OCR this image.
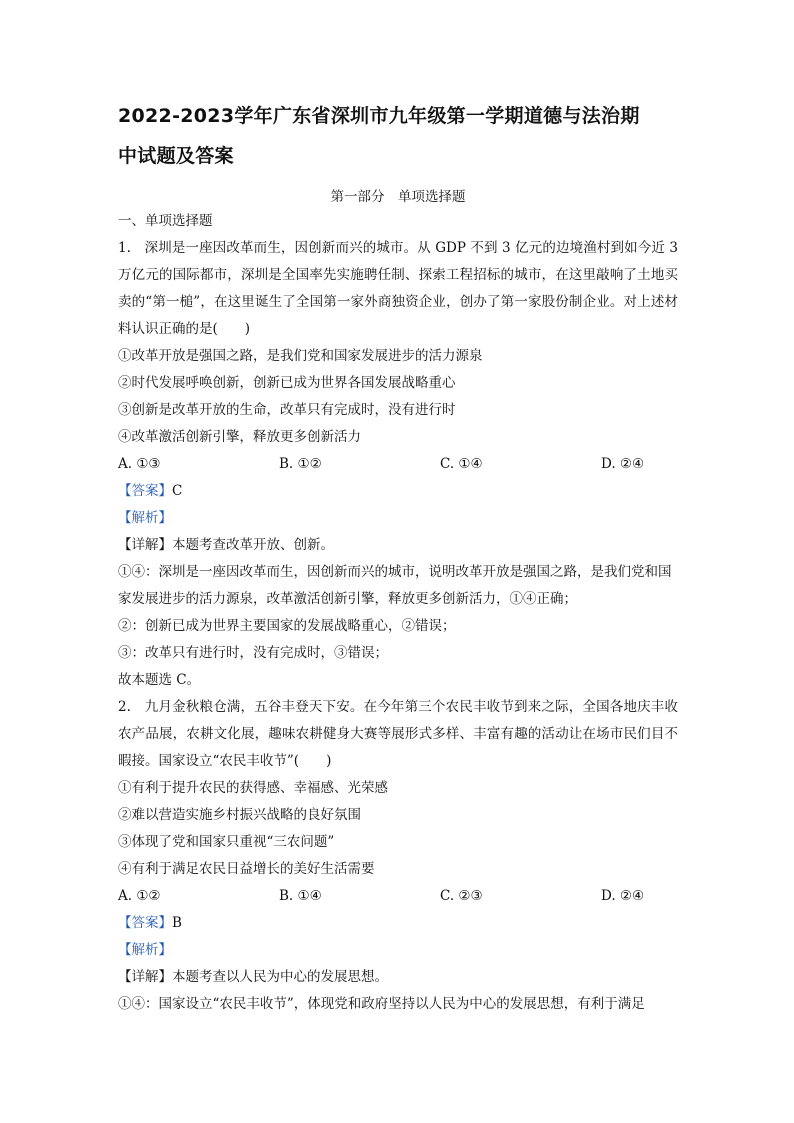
2022-2023学年广东省深圳市九年级第一学期道德与法治期
中试题及答案
第一部分　单项选择题
一、单项选择题
1.　深圳是一座因改革而生，因创新而兴的城市。从 GDP 不到 3 亿元的边境渔村到如今近 3 万亿元的国际都市，深圳是全国率先实施聘任制、探索工程招标的城市，在这里敲响了土地买卖的“第一槌”，在这里诞生了全国第一家外商独资企业，创办了第一家股份制企业。对上述材料认识正确的是(　　)
①改革开放是强国之路，是我们党和国家发展进步的活力源泉
②时代发展呼唤创新，创新已成为世界各国发展战略重心
③创新是改革开放的生命，改革只有完成时，没有进行时
④改革激活创新引擎，释放更多创新活力
A. ①③	B. ①②	C. ①④	D. ②④
【答案】C
【解析】
【详解】本题考查改革开放、创新。
①④：深圳是一座因改革而生，因创新而兴的城市，说明改革开放是强国之路，是我们党和国家发展进步的活力源泉，改革激活创新引擎，释放更多创新活力，①④正确；
②：创新已成为世界主要国家的发展战略重心，②错误；
③：改革只有进行时，没有完成时，③错误；
故本题选 C。
2.　九月金秋粮仓满，五谷丰登天下安。在今年第三个农民丰收节到来之际，全国各地庆丰收农产品展，农耕文化展，趣味农耕健身大赛等展形式多样、丰富有趣的活动让在场市民们目不暇接。国家设立“农民丰收节”(　　)
①有利于提升农民的获得感、幸福感、光荣感
②难以营造实施乡村振兴战略的良好氛围
③体现了党和国家只重视“三农问题”
④有利于满足农民日益增长的美好生活需要
A. ①②	B. ①④	C. ②③	D. ②④
【答案】B
【解析】
【详解】本题考查以人民为中心的发展思想。
①④：国家设立“农民丰收节”，体现党和政府坚持以人民为中心的发展思想，有利于满足
